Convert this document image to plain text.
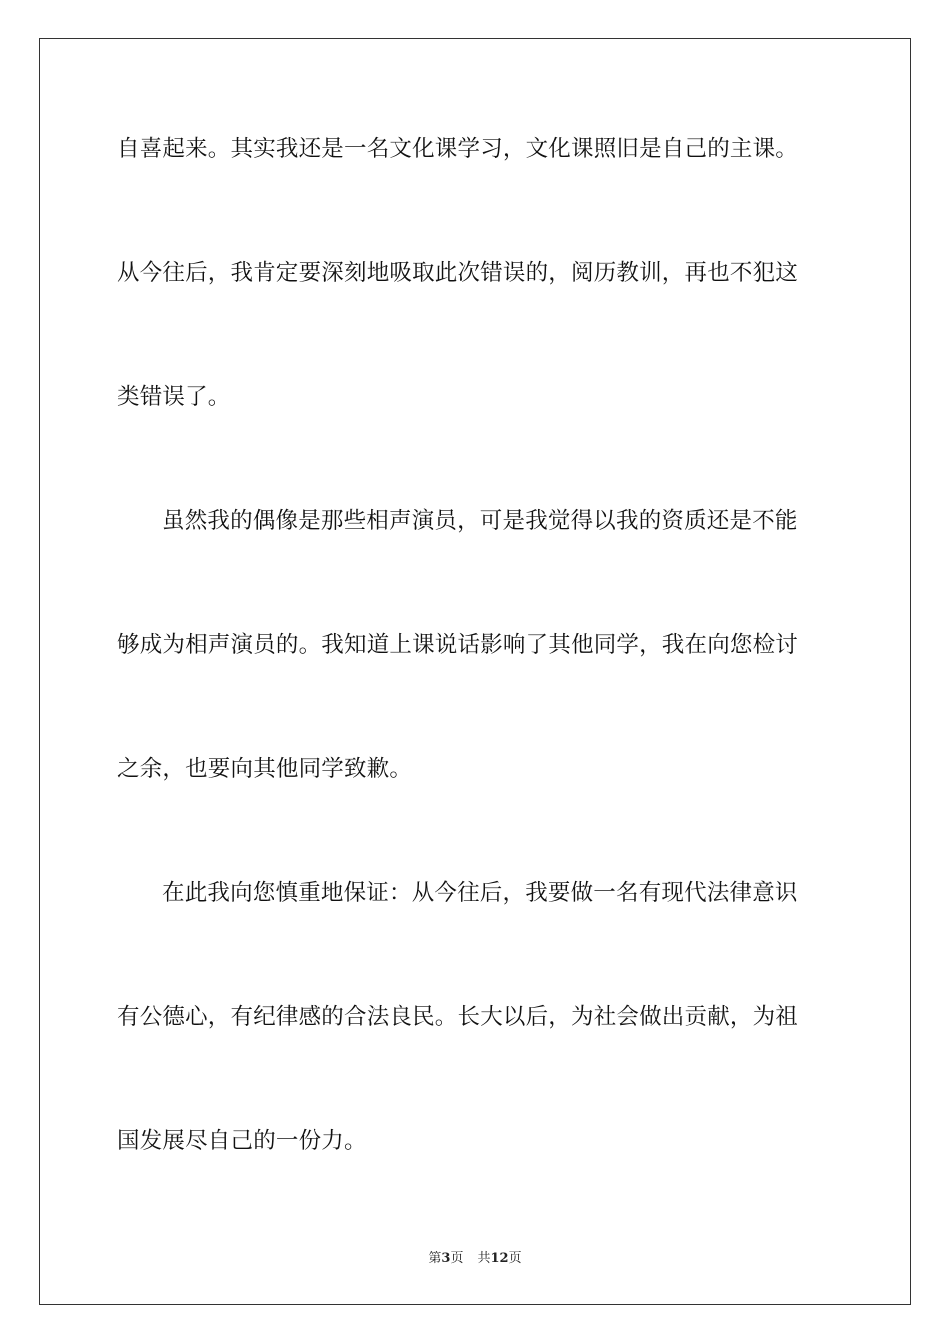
自喜起来。其实我还是一名文化课学习，文化课照旧是自己的主课。
从今往后，我肯定要深刻地吸取此次错误的，阅历教训，再也不犯这
类错误了。
虽然我的偶像是那些相声演员，可是我觉得以我的资质还是不能
够成为相声演员的。我知道上课说话影响了其他同学，我在向您检讨
之余，也要向其他同学致歉。
在此我向您慎重地保证：从今往后，我要做一名有现代法律意识
有公德心，有纪律感的合法良民。长大以后，为社会做出贡献，为祖
国发展尽自己的一份力。
第3页 共12页
